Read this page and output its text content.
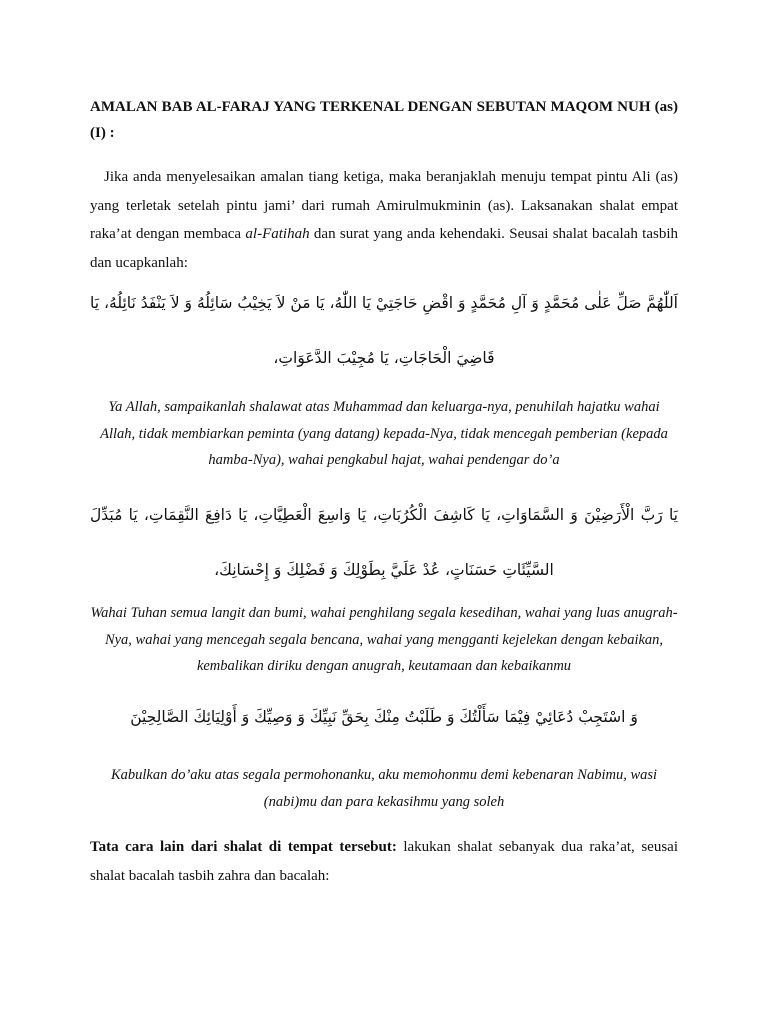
AMALAN BAB AL-FARAJ YANG TERKENAL DENGAN SEBUTAN MAQOM NUH (as) (I) :

Jika anda menyelesaikan amalan tiang ketiga, maka beranjaklah menuju tempat pintu Ali (as) yang terletak setelah pintu jami’ dari rumah Amirulmukminin (as). Laksanakan shalat empat raka’at dengan membaca al-Fatihah dan surat yang anda kehendaki. Seusai shalat bacalah tasbih dan ucapkanlah:

اَللّٰهُمَّ صَلِّ عَلٰى مُحَمَّدٍ وَ آلِ مُحَمَّدٍ وَ اقْضِ حَاجَتِيْ يَا اللّٰهُ، يَا مَنْ لاَ يَخِيْبُ سَائِلُهُ وَ لاَ يَنْفَدُ نَائِلُهُ، يَا قَاضِيَ الْحَاجَاتِ، يَا مُجِيْبَ الدَّعَوَاتِ،

Ya Allah, sampaikanlah shalawat atas Muhammad dan keluarga-nya, penuhilah hajatku wahai Allah, tidak membiarkan peminta (yang datang) kepada-Nya, tidak mencegah pemberian (kepada hamba-Nya), wahai pengkabul hajat, wahai pendengar do’a

يَا رَبَّ الْأَرَضِيْنَ وَ السَّمَاوَاتِ، يَا كَاشِفَ الْكُرُبَاتِ، يَا وَاسِعَ الْعَطِيَّاتِ، يَا دَافِعَ النَّقِمَاتِ، يَا مُبَدِّلَ السَّيِّئَاتِ حَسَنَاتٍ، عُدْ عَلَيَّ بِطَوْلِكَ وَ فَضْلِكَ وَ إِحْسَانِكَ،

Wahai Tuhan semua langit dan bumi, wahai penghilang segala kesedihan, wahai yang luas anugrah-Nya, wahai yang mencegah segala bencana, wahai yang mengganti kejelekan dengan kebaikan, kembalikan diriku dengan anugrah, keutamaan dan kebaikanmu

وَ اسْتَجِبْ دُعَائِيْ فِيْمَا سَأَلْتُكَ وَ طَلَبْتُ مِنْكَ بِحَقِّ نَبِيِّكَ وَ وَصِيِّكَ وَ أَوْلِيَائِكَ الصَّالِحِيْنَ

Kabulkan do’aku atas segala permohonanku, aku memohonmu demi kebenaran Nabimu, wasi (nabi)mu dan para kekasihmu yang soleh

Tata cara lain dari shalat di tempat tersebut: lakukan shalat sebanyak dua raka’at, seusai shalat bacalah tasbih zahra dan bacalah:
